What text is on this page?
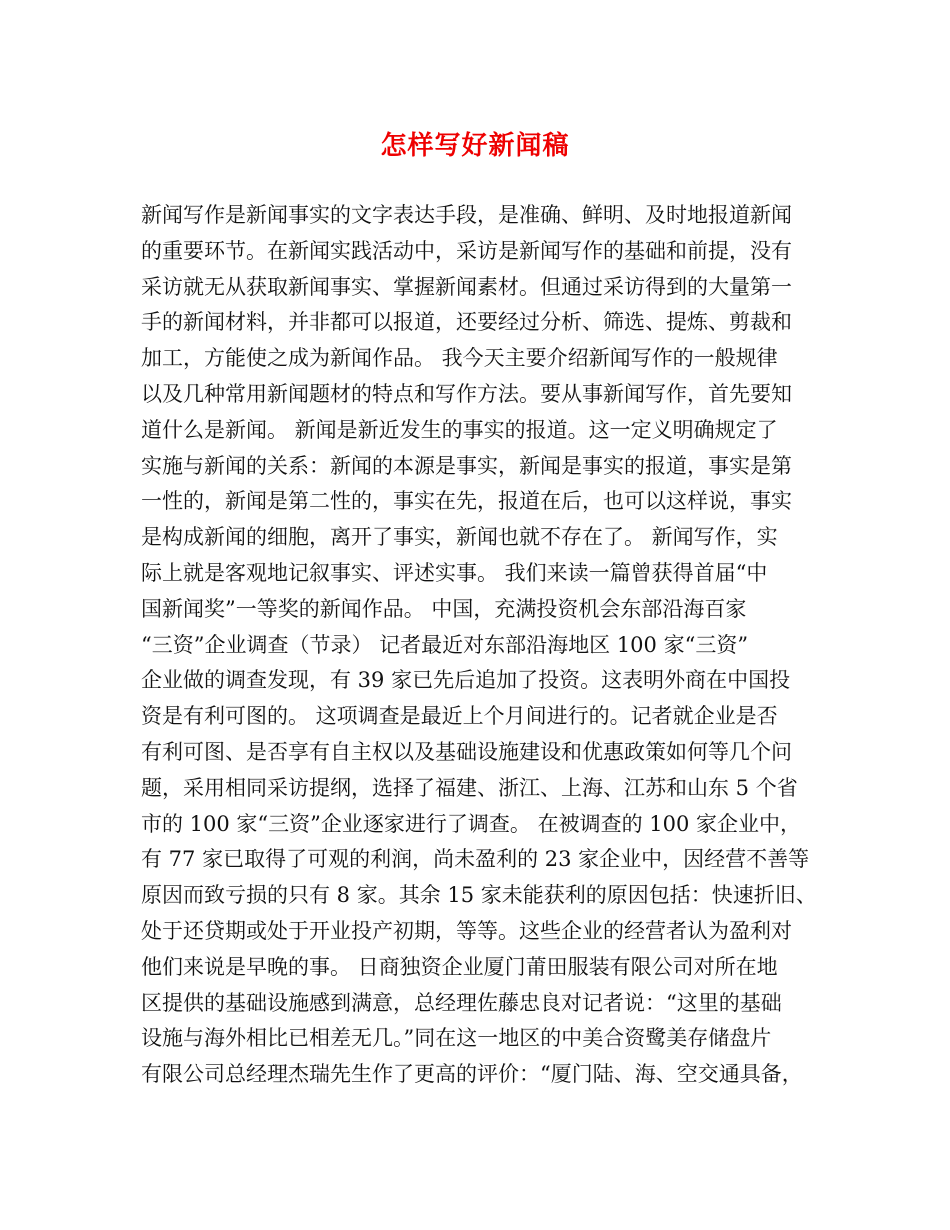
怎样写好新闻稿
新闻写作是新闻事实的文字表达手段，是准确、鲜明、及时地报道新闻
的重要环节。在新闻实践活动中，采访是新闻写作的基础和前提，没有
采访就无从获取新闻事实、掌握新闻素材。但通过采访得到的大量第一
手的新闻材料，并非都可以报道，还要经过分析、筛选、提炼、剪裁和
加工，方能使之成为新闻作品。 我今天主要介绍新闻写作的一般规律
以及几种常用新闻题材的特点和写作方法。要从事新闻写作，首先要知
道什么是新闻。 新闻是新近发生的事实的报道。这一定义明确规定了
实施与新闻的关系：新闻的本源是事实，新闻是事实的报道，事实是第
一性的，新闻是第二性的，事实在先，报道在后，也可以这样说，事实
是构成新闻的细胞，离开了事实，新闻也就不存在了。 新闻写作，实
际上就是客观地记叙事实、评述实事。 我们来读一篇曾获得首届“中
国新闻奖”一等奖的新闻作品。 中国，充满投资机会东部沿海百家
“三资”企业调查（节录） 记者最近对东部沿海地区 100 家“三资”
企业做的调查发现，有 39 家已先后追加了投资。这表明外商在中国投
资是有利可图的。 这项调查是最近上个月间进行的。记者就企业是否
有利可图、是否享有自主权以及基础设施建设和优惠政策如何等几个问
题，采用相同采访提纲，选择了福建、浙江、上海、江苏和山东 5 个省
市的 100 家“三资”企业逐家进行了调查。 在被调查的 100 家企业中，
有 77 家已取得了可观的利润，尚未盈利的 23 家企业中，因经营不善等
原因而致亏损的只有 8 家。其余 15 家未能获利的原因包括：快速折旧、
处于还贷期或处于开业投产初期，等等。这些企业的经营者认为盈利对
他们来说是早晚的事。 日商独资企业厦门莆田服装有限公司对所在地
区提供的基础设施感到满意，总经理佐藤忠良对记者说：“这里的基础
设施与海外相比已相差无几。”同在这一地区的中美合资鹭美存储盘片
有限公司总经理杰瑞先生作了更高的评价：“厦门陆、海、空交通具备，
